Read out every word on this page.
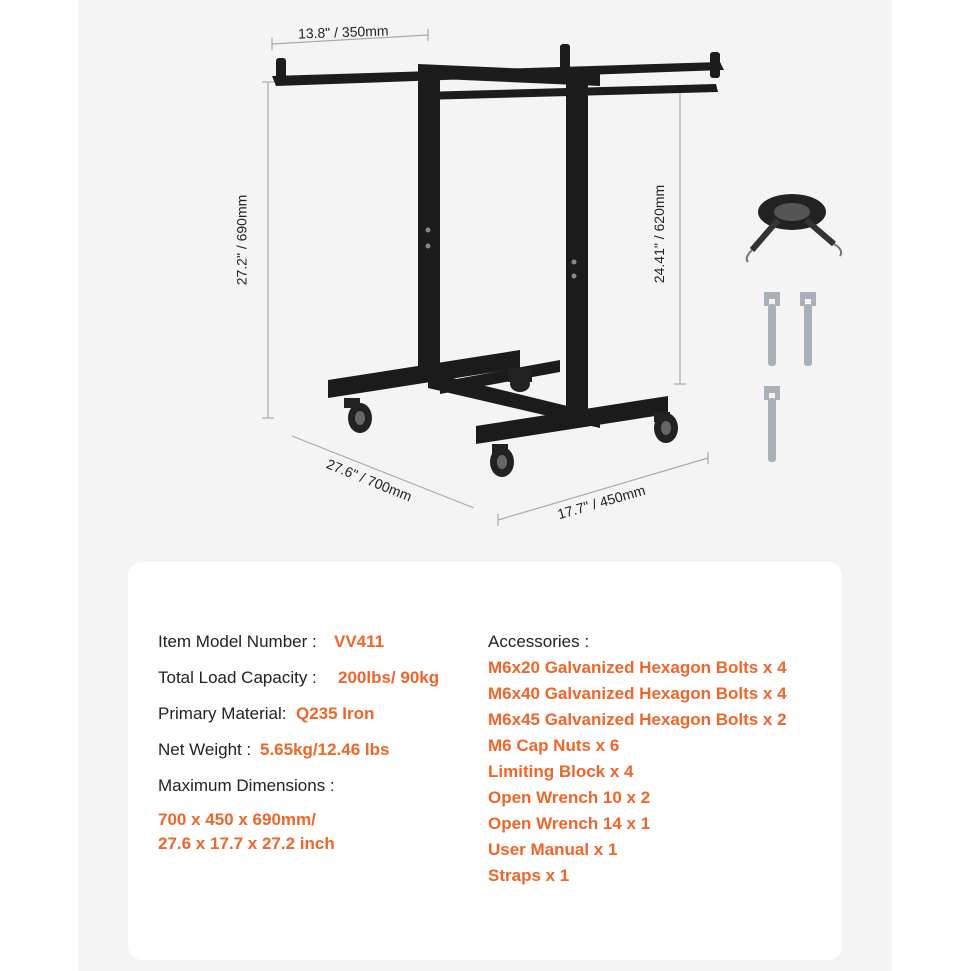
13.8" / 350mm
27.2" / 690mm	24.41" / 620mm
27.6" / 700mm	17.7" / 450mm
Item Model Number : VV411
Total Load Capacity : 200lbs/ 90kg
Primary Material: Q235 Iron
Net Weight : 5.65kg/12.46 lbs
Maximum Dimensions :
700 x 450 x 690mm/
27.6 x 17.7 x 27.2 inch
Accessories :
M6x20 Galvanized Hexagon Bolts x 4
M6x40 Galvanized Hexagon Bolts x 4
M6x45 Galvanized Hexagon Bolts x 2
M6 Cap Nuts x 6
Limiting Block x 4
Open Wrench 10 x 2
Open Wrench 14 x 1
User Manual x 1
Straps x 1
